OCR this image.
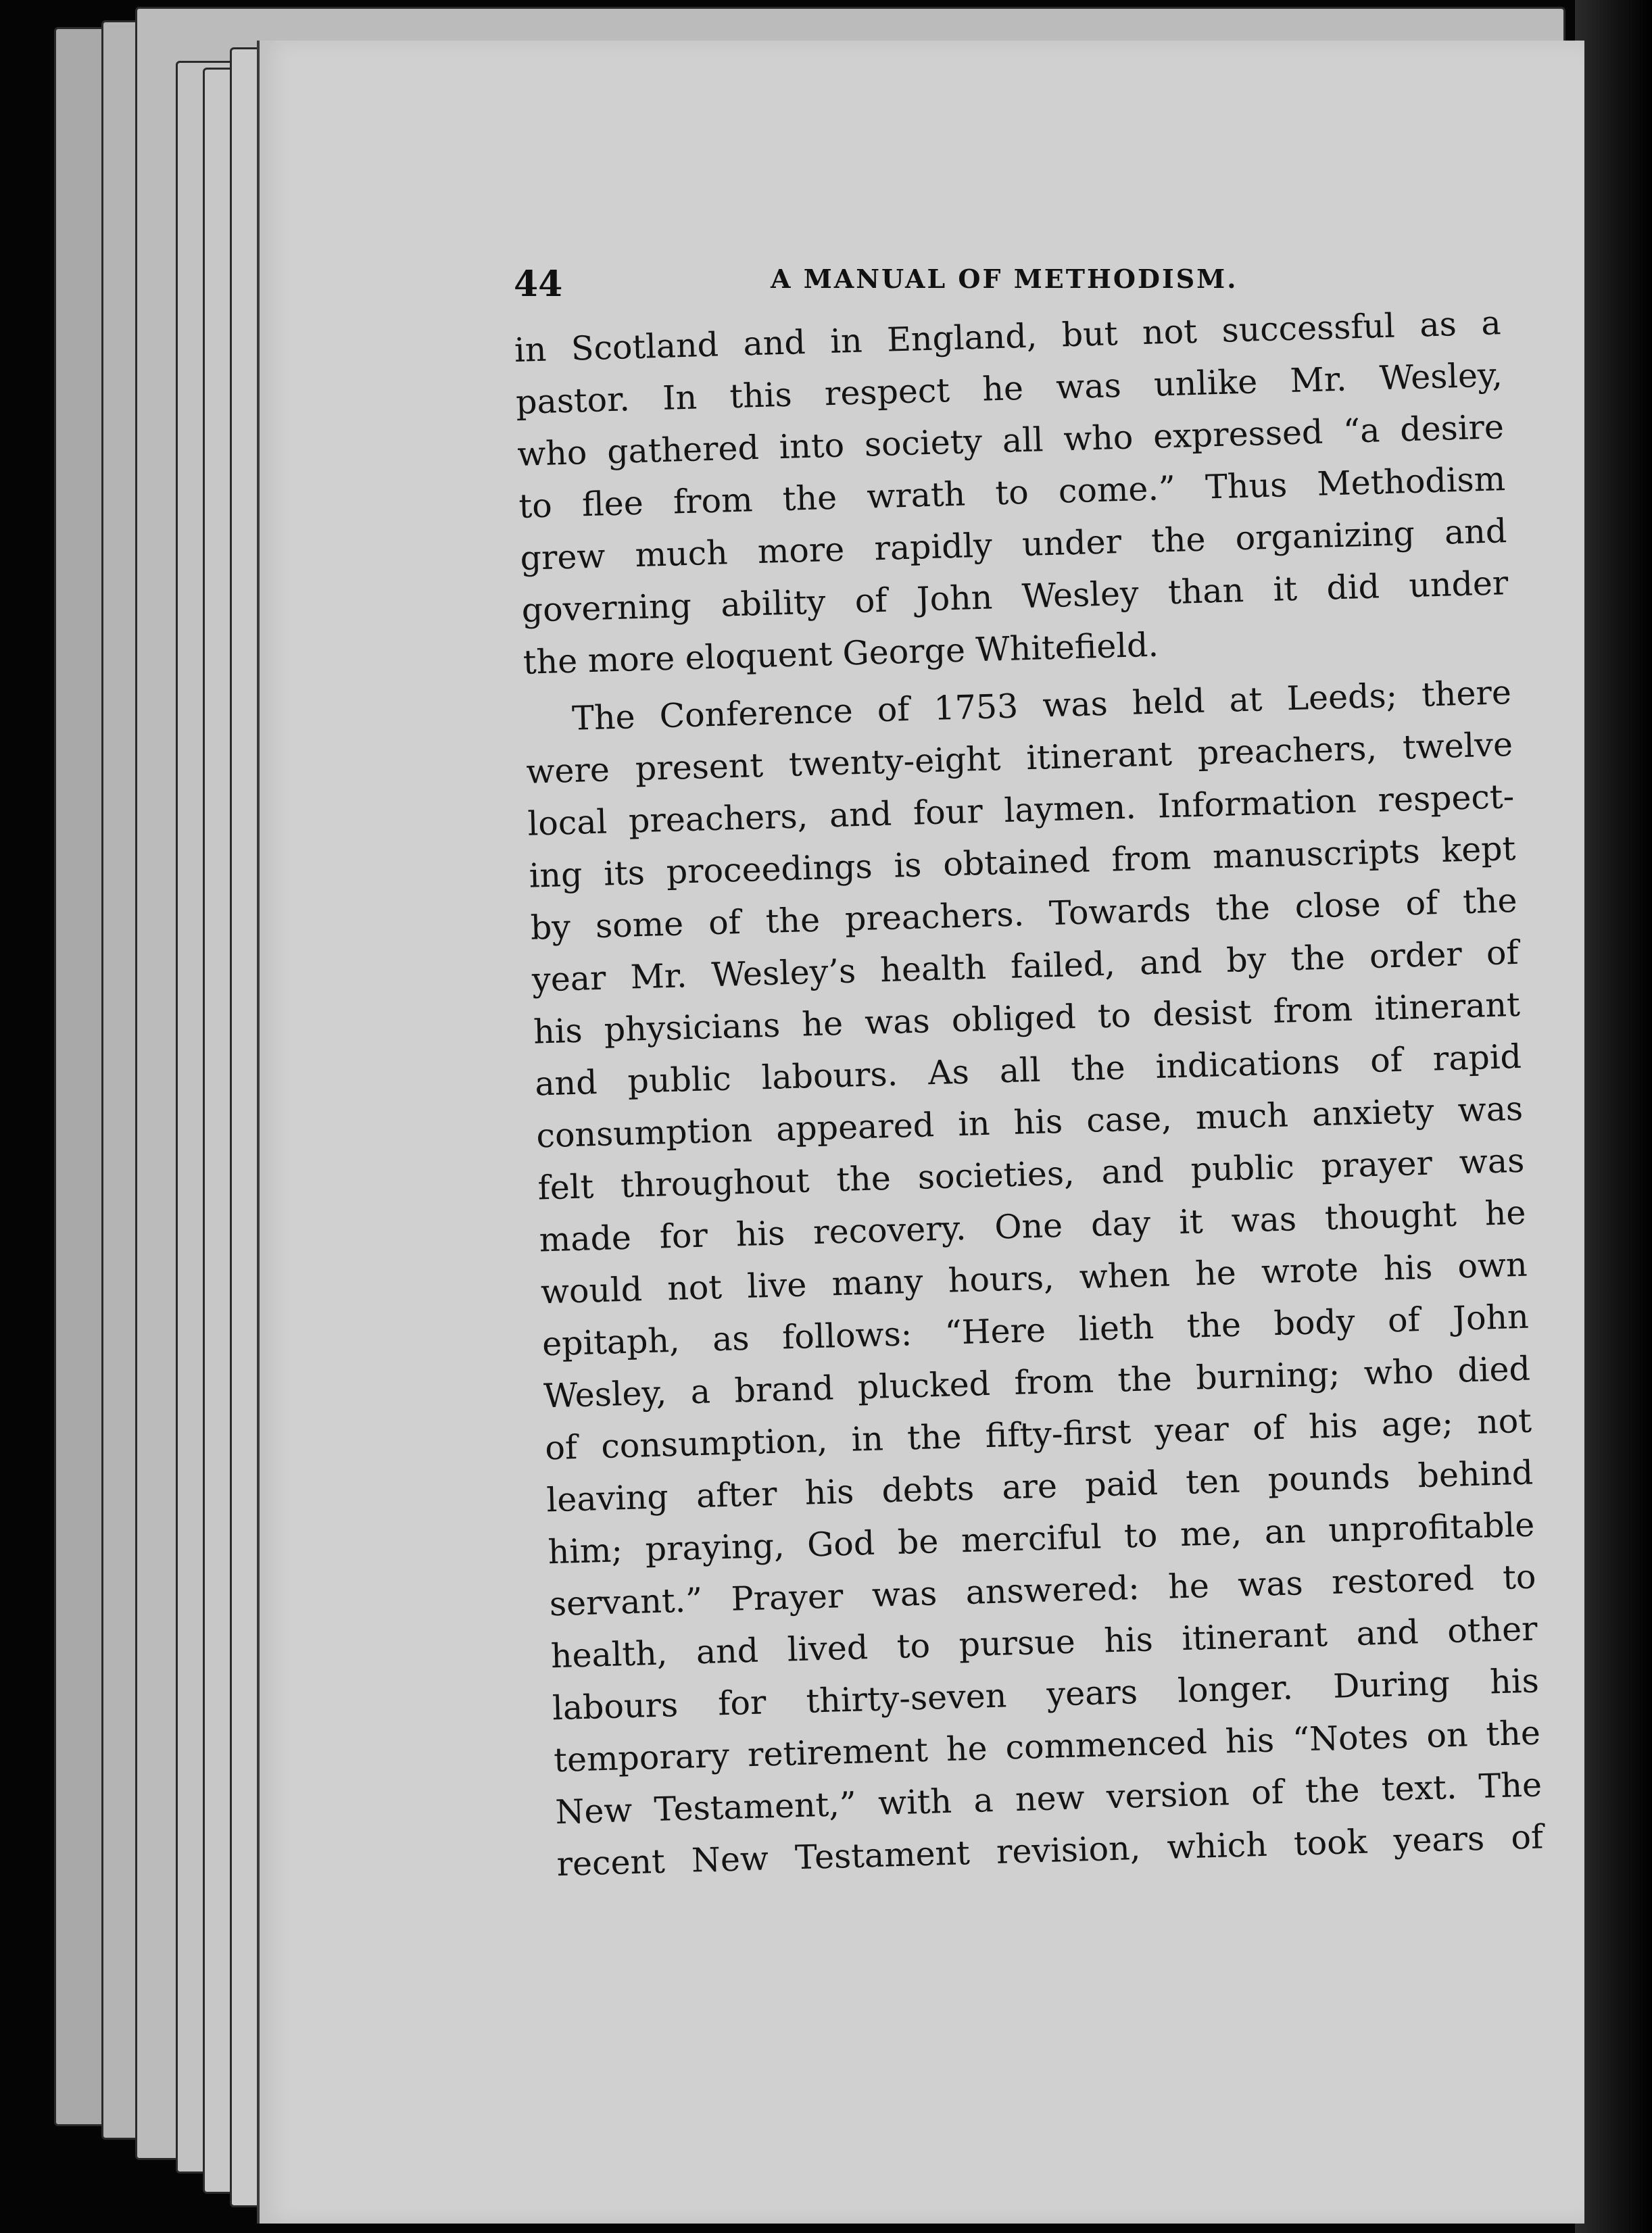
44	A MANUAL OF METHODISM.
in Scotland and in England, but not successful as a
pastor. In this respect he was unlike Mr. Wesley,
who gathered into society all who expressed “a desire
to flee from the wrath to come.” Thus Methodism
grew much more rapidly under the organizing and
governing ability of John Wesley than it did under
the more eloquent George Whitefield.
The Conference of 1753 was held at Leeds; there
were present twenty-eight itinerant preachers, twelve
local preachers, and four laymen. Information respect-
ing its proceedings is obtained from manuscripts kept
by some of the preachers. Towards the close of the
year Mr. Wesley’s health failed, and by the order of
his physicians he was obliged to desist from itinerant
and public labours. As all the indications of rapid
consumption appeared in his case, much anxiety was
felt throughout the societies, and public prayer was
made for his recovery. One day it was thought he
would not live many hours, when he wrote his own
epitaph, as follows: “Here lieth the body of John
Wesley, a brand plucked from the burning; who died
of consumption, in the fifty-first year of his age; not
leaving after his debts are paid ten pounds behind
him; praying, God be merciful to me, an unprofitable
servant.” Prayer was answered: he was restored to
health, and lived to pursue his itinerant and other
labours for thirty-seven years longer. During his
temporary retirement he commenced his “Notes on the
New Testament,” with a new version of the text. The
recent New Testament revision, which took years of
